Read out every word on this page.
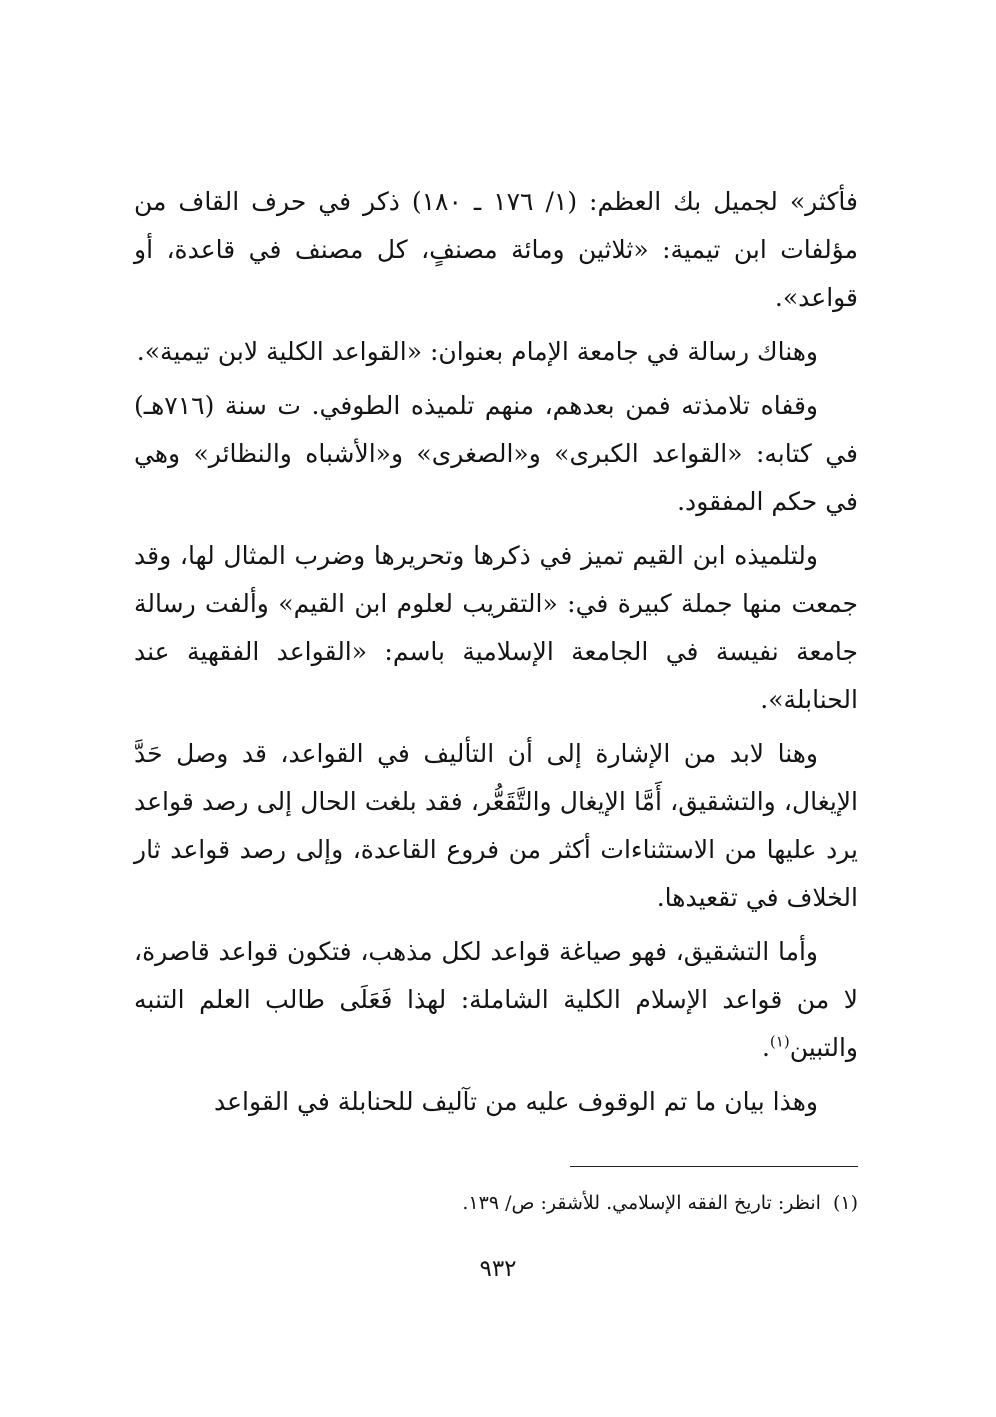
فأكثر» لجميل بك العظم: (١/ ١٧٦ ـ ١٨٠) ذكر في حرف القاف من مؤلفات ابن تيمية: «ثلاثين ومائة مصنفٍ، كل مصنف في قاعدة، أو قواعد».

وهناك رسالة في جامعة الإمام بعنوان: «القواعد الكلية لابن تيمية».

وقفاه تلامذته فمن بعدهم، منهم تلميذه الطوفي. ت سنة (٧١٦هـ) في كتابه: «القواعد الكبرى» و«الصغرى» و«الأشباه والنظائر» وهي في حكم المفقود.

ولتلميذه ابن القيم تميز في ذكرها وتحريرها وضرب المثال لها، وقد جمعت منها جملة كبيرة في: «التقريب لعلوم ابن القيم» وألفت رسالة جامعة نفيسة في الجامعة الإسلامية باسم: «القواعد الفقهية عند الحنابلة».

وهنا لابد من الإشارة إلى أن التأليف في القواعد، قد وصل حَدَّ الإيغال، والتشقيق، أَمَّا الإيغال والتَّقَعُّر، فقد بلغت الحال إلى رصد قواعد يرد عليها من الاستثناءات أكثر من فروع القاعدة، وإلى رصد قواعد ثار الخلاف في تقعيدها.

وأما التشقيق، فهو صياغة قواعد لكل مذهب، فتكون قواعد قاصرة، لا من قواعد الإسلام الكلية الشاملة: لهذا فَعَلَى طالب العلم التنبه والتبين$^{(١)}$.

وهذا بيان ما تم الوقوف عليه من تآليف للحنابلة في القواعد

(١)انظر: تاريخ الفقه الإسلامي. للأشقر: ص/ ١٣٩.
٩٣٢
